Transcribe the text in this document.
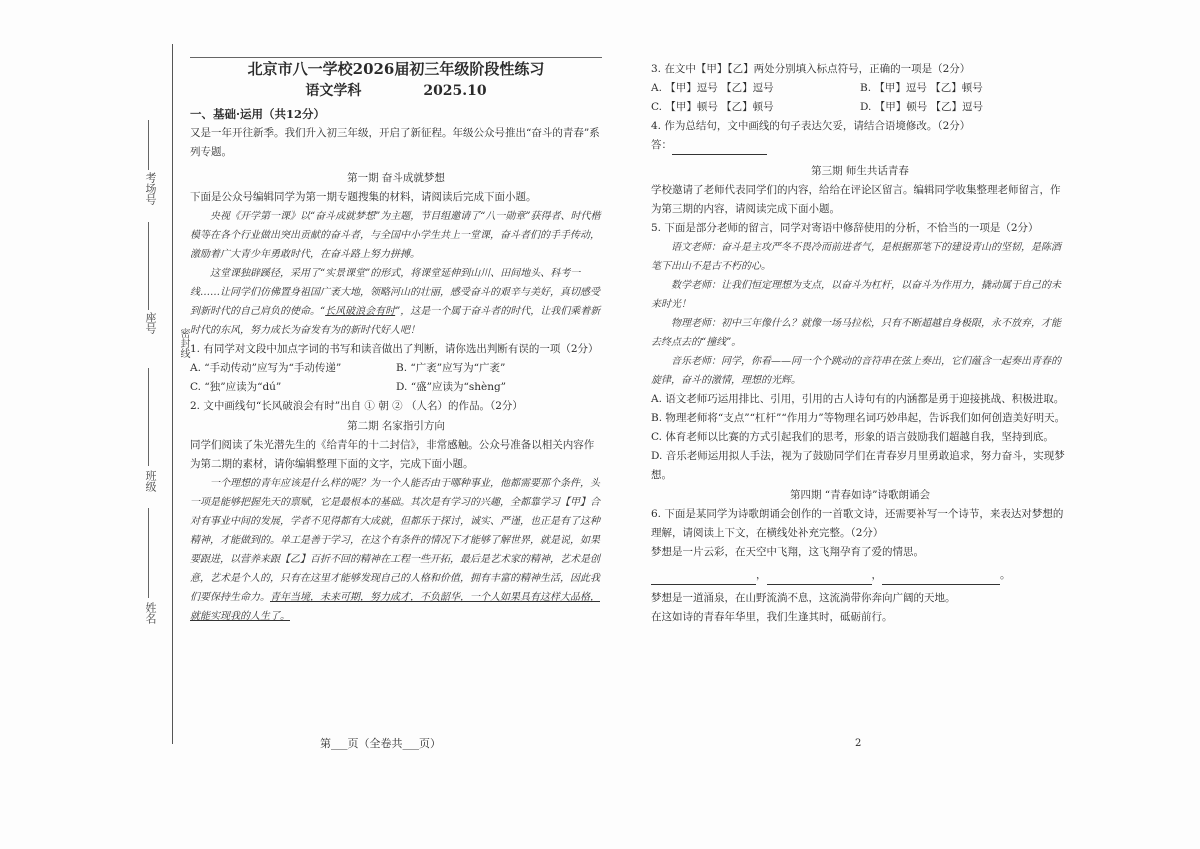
考场号
座号
密封线
班级
姓名
北京市八一学校2026届初三年级阶段性练习
语文学科	2025.10
一、基础·运用（共12分）

又是一年开往新季。我们升入初三年级，开启了新征程。年级公众号推出“奋斗的青春”系列专题。

第一期 奋斗成就梦想

下面是公众号编辑同学为第一期专题搜集的材料，请阅读后完成下面小题。

央视《开学第一课》以“奋斗成就梦想”为主题，节目组邀请了“八一勋章”获得者、时代楷模等在各个行业做出突出贡献的奋斗者，与全国中小学生共上一堂课，奋斗者们的手手传动，激励着广大青少年勇敢时代，在奋斗路上努力拼搏。

这堂课独辟蹊径，采用了“实景课堂”的形式，将课堂延伸到山川、田间地头、科考一线……让同学们仿佛置身祖国广袤大地，领略河山的壮丽，感受奋斗的艰辛与美好，真切感受到新时代的自己肩负的使命。“长风破浪会有时”，这是一个属于奋斗者的时代，让我们乘着新时代的东风，努力成长为奋发有为的新时代好人吧！

1. 有同学对文段中加点字词的书写和读音做出了判断，请你选出判断有误的一项（2分）

A. “手动传动”应写为“手动传递”	B. “广袤”应写为“广袤”
C. “独”应读为“dú”	D. “盛”应读为“shèng”

2. 文中画线句“长风破浪会有时”出自 ① 朝 ② （人名）的作品。（2分）

第二期 名家指引方向

同学们阅读了朱光潜先生的《给青年的十二封信》，非常感触。公众号准备以相关内容作为第二期的素材，请你编辑整理下面的文字，完成下面小题。

一个理想的青年应该是什么样的呢？为一个人能否由于哪种事业，他都需要那个条件，头一项是能够把握先天的禀赋，它是最根本的基础。其次是有学习的兴趣，全都靠学习【甲】合对有事业中间的发展，学者不见得都有大成就，但都乐于探讨，诚实、严谨，也正是有了这种精神，才能做到的。单工是善于学习，在这个有条件的情况下才能够了解世界，就是说，如果要跟进，以营养来跟【乙】百折不回的精神在工程一些开拓，最后是艺术家的精神，艺术是创意，艺术是个人的，只有在这里才能够发现自己的人格和价值，拥有丰富的精神生活，因此我们要保持生命力。青年当境，未来可期，努力成才，不负韶华，一个人如果具有这样大品格，就能实现我的人生了。

3. 在文中【甲】【乙】两处分别填入标点符号，正确的一项是（2分）

A. 【甲】逗号 【乙】逗号	B. 【甲】逗号 【乙】顿号
C. 【甲】顿号 【乙】顿号	D. 【甲】顿号 【乙】逗号

4. 作为总结句，文中画线的句子表达欠妥，请结合语境修改。（2分）

答：

第三期 师生共话青春

学校邀请了老师代表同学们的内容，给给在评论区留言。编辑同学收集整理老师留言，作为第三期的内容，请阅读完成下面小题。

5. 下面是部分老师的留言，同学对寄语中修辞使用的分析，不恰当的一项是（2分）

语文老师：奋斗是主攻严冬不畏冷而前进者气，是根据那笔下的建设青山的坚韧，是陈酒笔下出山不是古不朽的心。

数学老师：让我们恒定理想为支点，以奋斗为杠杆，以奋斗为作用力，撬动属于自己的未来时光！

物理老师：初中三年像什么？就像一场马拉松，只有不断超越自身极限，永不放弃，才能去终点去的“撞线”。

音乐老师：同学，你看——同一个个跳动的音符串在弦上奏出，它们蕴含一起奏出青春的旋律，奋斗的激情，理想的光辉。

A. 语文老师巧运用排比、引用，引用的古人诗句有的内涵都是勇于迎接挑战、积极进取。

B. 物理老师将“支点”“杠杆”“作用力”等物理名词巧妙串起，告诉我们如何创造美好明天。

C. 体育老师以比赛的方式引起我们的思考，形象的语言鼓励我们超越自我，坚持到底。

D. 音乐老师运用拟人手法，视为了鼓励同学们在青春岁月里勇敢追求，努力奋斗，实现梦想。

第四期 “青春如诗”诗歌朗诵会

6. 下面是某同学为诗歌朗诵会创作的一首歌文诗，还需要补写一个诗节，来表达对梦想的理解，请阅读上下文，在横线处补充完整。（2分）

梦想是一片云彩，在天空中飞翔，这飞翔孕育了爱的情思。

，	，	。

梦想是一道涌泉，在山野流淌不息，这流淌带你奔向广阔的天地。

在这如诗的青春年华里，我们生逢其时，砥砺前行。

第___页（全卷共___页）	2
